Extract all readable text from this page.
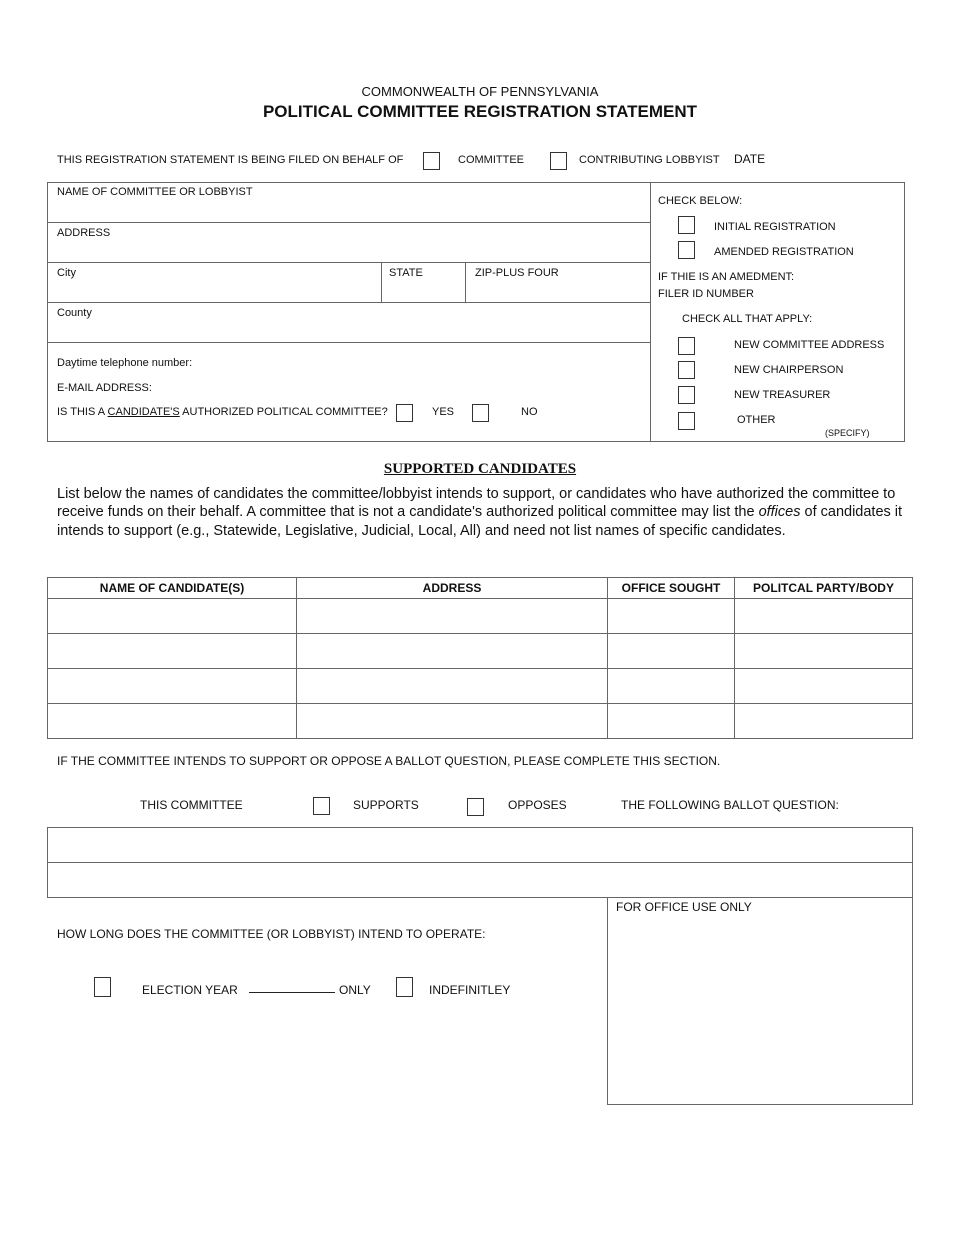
COMMONWEALTH OF PENNSYLVANIA
POLITICAL COMMITTEE REGISTRATION STATEMENT
THIS REGISTRATION STATEMENT IS BEING FILED ON BEHALF OF	COMMITTEE	CONTRIBUTING LOBBYIST DATE
NAME OF COMMITTEE OR LOBBYIST
ADDRESS
City	STATE	ZIP-PLUS FOUR
County
Daytime telephone number:
E-MAIL ADDRESS:
IS THIS A CANDIDATE'S AUTHORIZED POLITICAL COMMITTEE?	YES	NO
CHECK BELOW:
INITIAL REGISTRATION
AMENDED REGISTRATION
IF THIE IS AN AMEDMENT:
FILER ID NUMBER
CHECK ALL THAT APPLY:
NEW COMMITTEE ADDRESS
NEW CHAIRPERSON
NEW TREASURER
OTHER
(SPECIFY)
SUPPORTED CANDIDATES
List below the names of candidates the committee/lobbyist intends to support, or candidates who have authorized the committee to receive funds on their behalf. A committee that is not a candidate's authorized political committee may list the offices of candidates it intends to support (e.g., Statewide, Legislative, Judicial, Local, All) and need not list names of specific candidates.
NAME OF CANDIDATE(S)	ADDRESS	OFFICE SOUGHT	POLITCAL PARTY/BODY

IF THE COMMITTEE INTENDS TO SUPPORT OR OPPOSE A BALLOT QUESTION, PLEASE COMPLETE THIS SECTION.
THIS COMMITTEE	SUPPORTS	OPPOSES	THE FOLLOWING BALLOT QUESTION:
FOR OFFICE USE ONLY
HOW LONG DOES THE COMMITTEE (OR LOBBYIST) INTEND TO OPERATE:
ELECTION YEAR	ONLY	INDEFINITLEY
